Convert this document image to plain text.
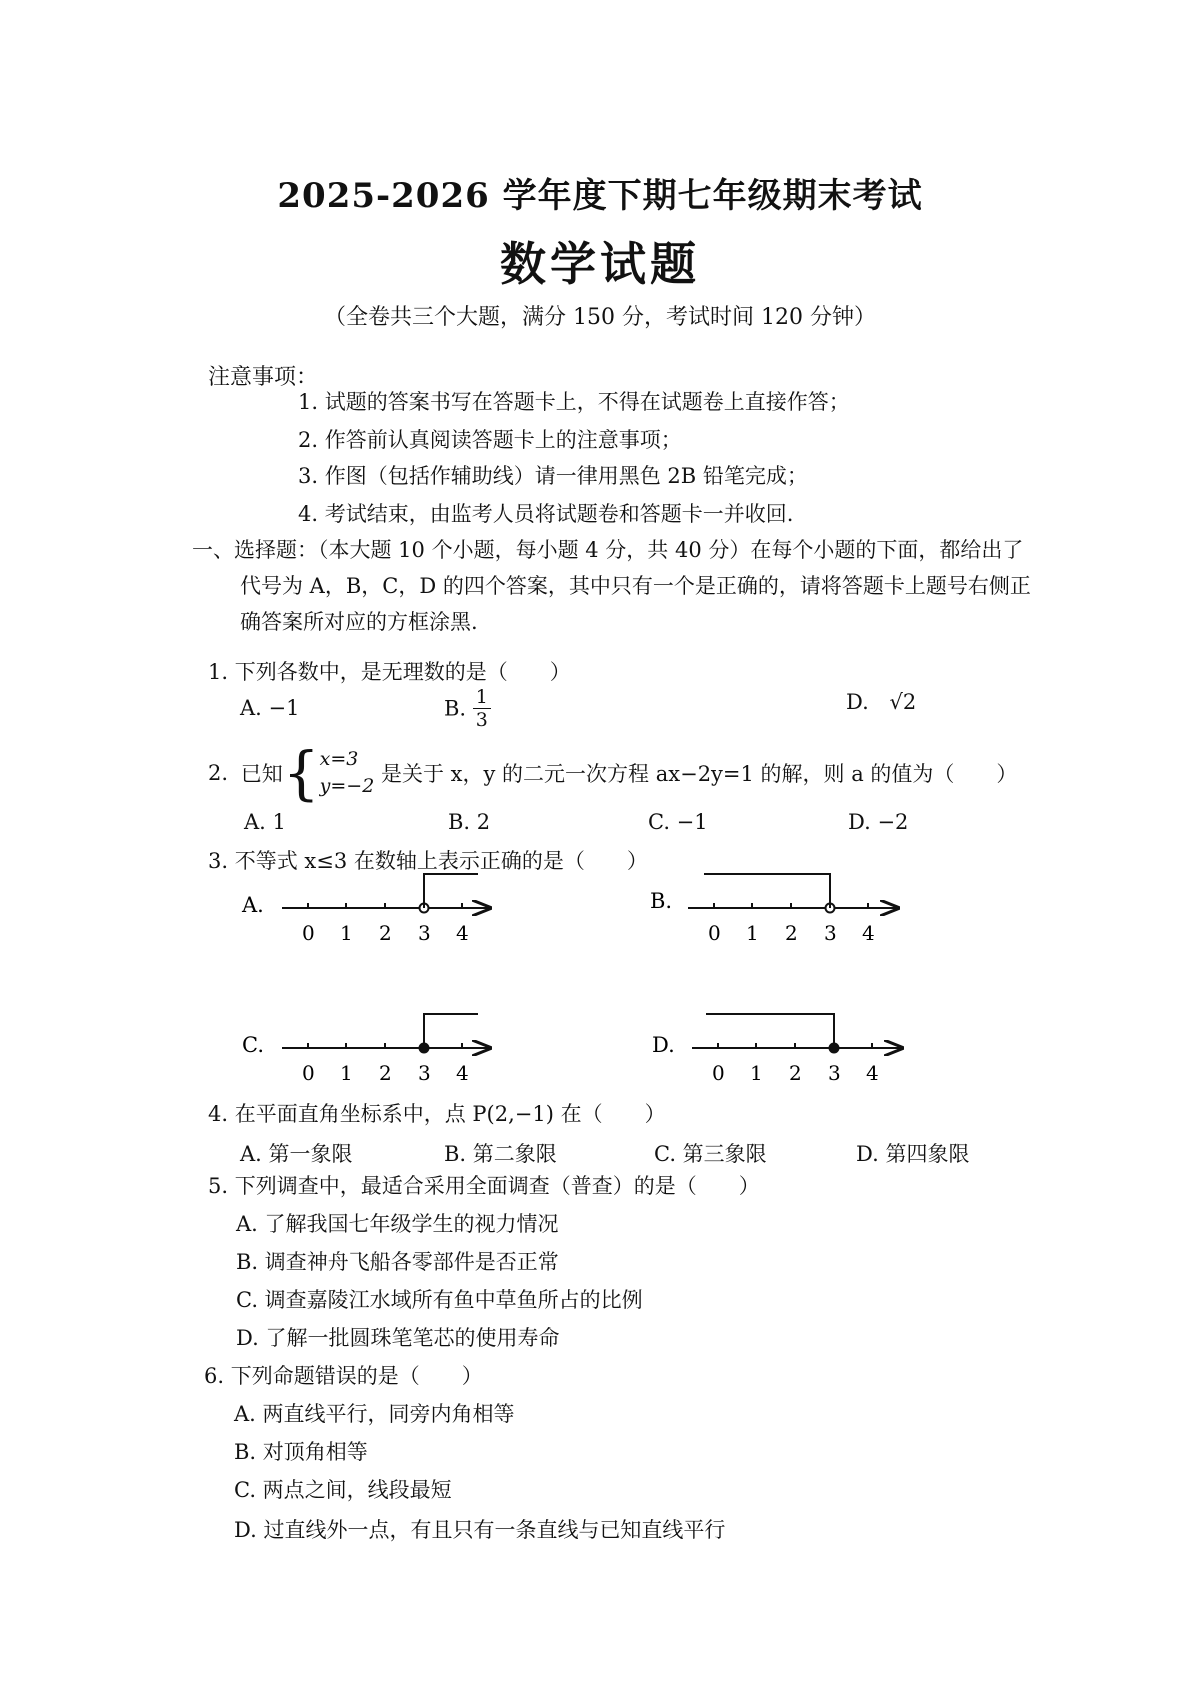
2025-2026 学年度下期七年级期末考试
数学试题
（全卷共三个大题，满分 150 分，考试时间 120 分钟）
注意事项：
1. 试题的答案书写在答题卡上，不得在试题卷上直接作答；
2. 作答前认真阅读答题卡上的注意事项；
3. 作图（包括作辅助线）请一律用黑色 2B 铅笔完成；
4. 考试结束，由监考人员将试题卷和答题卡一并收回.
一、选择题：（本大题 10 个小题，每小题 4 分，共 40 分）在每个小题的下面，都给出了
代号为 A，B，C，D 的四个答案，其中只有一个是正确的，请将答题卡上题号右侧正
确答案所对应的方框涂黑.
1. 下列各数中，是无理数的是（　　）
A. −1	B. $\frac{1}{3}$	D. √2
2. 已知{ x=3
y=−2 是关于 x，y 的二元一次方程 ax−2y=1 的解，则 a 的值为（　　）
A. 1	B. 2	C. −1	D. −2
3. 不等式 x≤3 在数轴上表示正确的是（　　）
A.
0 1 2 3 4
B.
0 1 2 3 4
C.
0 1 2 3 4
D.
0 1 2 3 4
4. 在平面直角坐标系中，点 P(2,−1) 在（　　）
A. 第一象限	B. 第二象限	C. 第三象限	D. 第四象限
5. 下列调查中，最适合采用全面调查（普查）的是（　　）
A. 了解我国七年级学生的视力情况
B. 调查神舟飞船各零部件是否正常
C. 调查嘉陵江水域所有鱼中草鱼所占的比例
D. 了解一批圆珠笔笔芯的使用寿命
6. 下列命题错误的是（　　）
A. 两直线平行，同旁内角相等
B. 对顶角相等
C. 两点之间，线段最短
D. 过直线外一点，有且只有一条直线与已知直线平行
